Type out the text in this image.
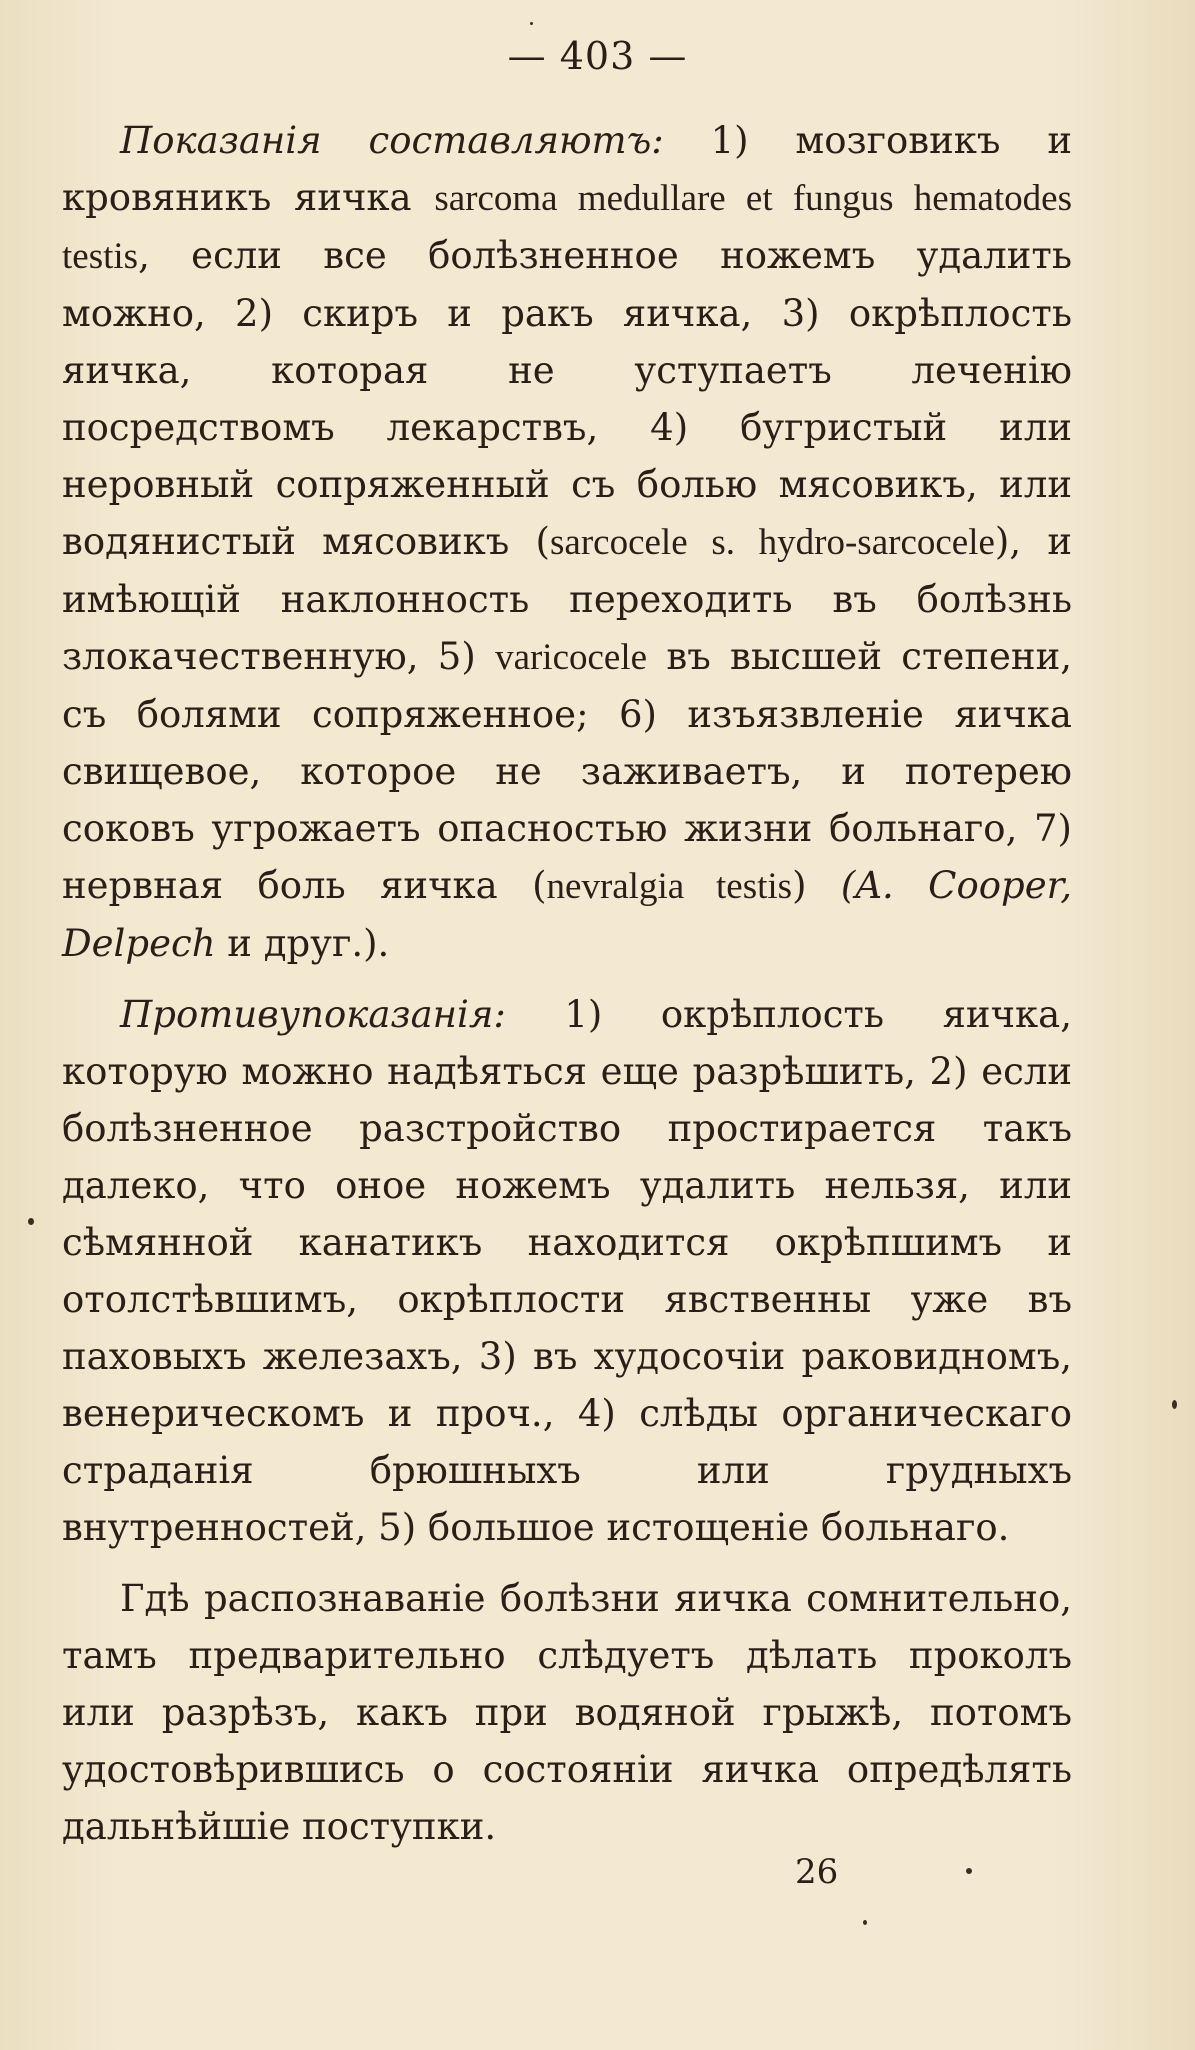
— 403 —

Показанія составляютъ: 1) мозговикъ и кровяникъ яичка sarcoma medullare et fungus hematodes testis, если все болѣзненное ножемъ удалить можно, 2) скиръ и ракъ яичка, 3) окрѣплость яичка, которая не уступаетъ леченію посредствомъ лекарствъ, 4) бугристый или неровный сопряженный съ болью мясовикъ, или водянистый мясовикъ (sarcocele s. hydro-sarcocele), и имѣющій наклонность переходить въ болѣзнь злокачественную, 5) varicocele въ высшей степени, съ болями сопряженное; 6) изъязвленіе яичка свищевое, которое не заживаетъ, и потерею соковъ угрожаетъ опасностью жизни больнаго, 7) нервная боль яичка (nevralgia testis) (A. Cooper, Delpech и друг.).

Противупоказанія: 1) окрѣплость яичка, которую можно надѣяться еще разрѣшить, 2) если болѣзненное разстройство простирается такъ далеко, что оное ножемъ удалить нельзя, или сѣмянной канатикъ находится окрѣпшимъ и отолстѣвшимъ, окрѣплости явственны уже въ паховыхъ железахъ, 3) въ худосочіи раковидномъ, венерическомъ и проч., 4) слѣды органическаго страданія брюшныхъ или грудныхъ внутренностей, 5) большое истощеніе больнаго.

Гдѣ распознаваніе болѣзни яичка сомнительно, тамъ предварительно слѣдуетъ дѣлать проколъ или разрѣзъ, какъ при водяной грыжѣ, потомъ удостовѣрившись о состояніи яичка опредѣлять дальнѣйшіе поступки.

26
